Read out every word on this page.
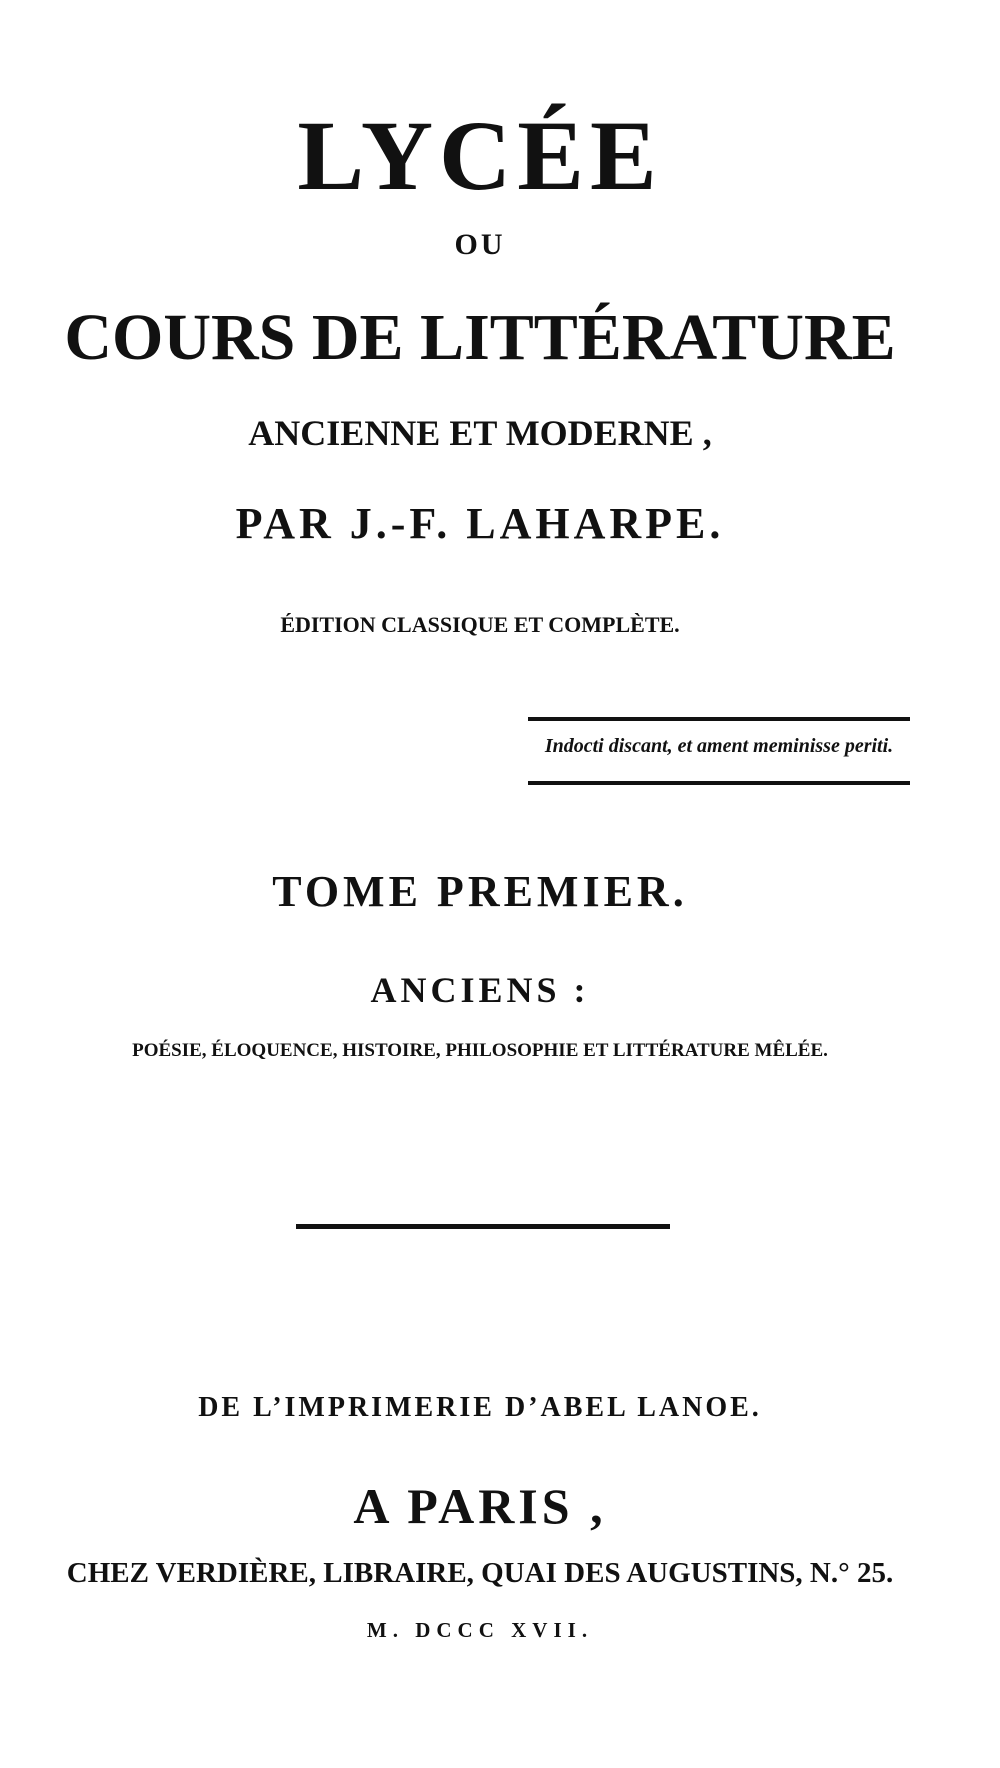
LYCÉE
OU
COURS DE LITTÉRATURE
ANCIENNE ET MODERNE ,
PAR J.-F. LAHARPE.
ÉDITION CLASSIQUE ET COMPLÈTE.
Indocti discant, et ament meminisse periti.
TOME PREMIER.
ANCIENS :
POÉSIE, ÉLOQUENCE, HISTOIRE, PHILOSOPHIE ET LITTÉRATURE MÊLÉE.
DE L’IMPRIMERIE D’ABEL LANOE.
A PARIS ,
CHEZ VERDIÈRE, LIBRAIRE, QUAI DES AUGUSTINS, N.° 25.
M. DCCC XVII.
